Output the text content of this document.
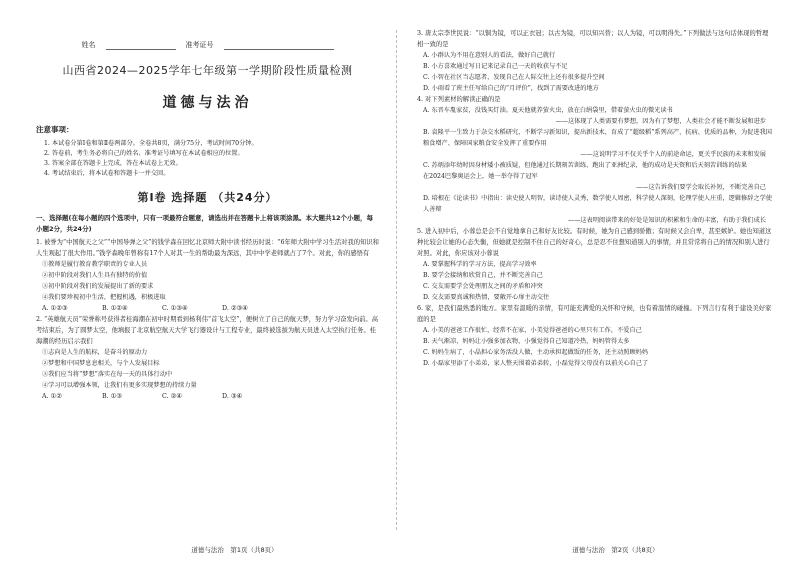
姓名	准考证号
山西省2024—2025学年七年级第一学期阶段性质量检测
道德与法治
注意事项：
1. 本试卷分第Ⅰ卷和第Ⅱ卷两部分。全卷共8页，满分75分，考试时间70分钟。
2. 答卷前，考生务必将自己的姓名、准考证号填写在本试卷相应的位置。
3. 答案全部在答题卡上完成，答在本试卷上无效。
4. 考试结束后，将本试卷和答题卡一并交回。
第Ⅰ卷 选择题 （共24分）
一、选择题(在每小题的四个选项中，只有一项最符合题意，请选出并在答题卡上将该项涂黑。本大题共12个小题，每小题2分，共24分)
1. 被誉为“中国航天之父”“中国导弹之父”的钱学森在回忆北京师大附中读书经历时说：“6年师大附中学习生活对我的知识和人生观起了很大作用。”钱学森晚年曾称有17个人对其一生的帮助最为深远，其中中学老师就占了7个。对此，你的感悟有
①教师是履行教育教学职责的专业人员
②初中阶段对我们人生具有独特的价值
③初中阶段对我们的发展提出了新的要求
④我们要珍视初中生活，把握机遇，积极进取
A. ①②③	B. ①②④	C. ①③④	D. ②③④
2. “英雄航天员”荣誉称号获得者桂海潮在初中时期看到杨利伟“首飞太空”，便树立了自己的航天梦，努力学习奋发向前。高考结束后，为了圆梦太空，他填报了北京航空航天大学飞行器设计与工程专业，最终被选拔为航天员进入太空执行任务。桂海潮的经历启示我们
①志向是人生的航标，是奋斗的原动力
②梦想和中国梦息息相关，与个人发展目标
③我们应当将“梦想”落实在每一天的具体行动中
④学习可以增强本领，让我们有更多实现梦想的持续力量
A. ①②	B. ①③	C. ②④	D. ③④
道德与法治　第1页（共8页）
3. 唐太宗李世民说：“以铜为镜，可以正衣冠；以古为镜，可以知兴替；以人为镜，可以明得失。”下列做法与这句话体现的哲理相一致的是
A. 小群认为不用在意别人的看法，做好自己就行
B. 小方喜欢通过写日记来记录自己一天的收获与不足
C. 小智在社区当志愿者，发现自己在人际交往上还有很多提升空间
D. 小雨看了班主任写给自己的“月评价”，找到了需要改进的地方
4. 对下列素材的解读正确的是
A. 东晋车胤家贫，没钱买灯油。夏天他就养萤火虫，放在白绢袋里，借着萤火虫的微光读书
——这体现了人类需要有梦想，因为有了梦想，人类社会才能不断发展和进步
B. 袁隆平一生致力于杂交水稻研究，不断学习新知识，提出新技术，育成了“超级稻”系列高产、抗病、优质的品种，为促进我国粮食增产、保障国家粮食安全发挥了重要作用
——这说明学习不仅关乎个人的前途命运，更关乎民族的未来和发展
C. 苏炳添年幼时因身材矮小被质疑，但他通过长期刻苦训练，跑出了亚洲纪录，他的成功是天资和后天刻苦训练的结果
在2024巴黎奥运会上，她一举夺得了冠军
——这告诉我们要学会取长补短，不断完善自己
D. 培根在《论读书》中指出：读史使人明智，读诗使人灵秀，数学使人周密，科学使人深刻，伦理学使人庄重，逻辑修辞之学使人善辩
——这表明阅读带来的好处是知识的积累和生命的丰富，有助于我们成长
5. 进入初中后，小蓉总是会不自觉地拿自己和好友比较。有时候，她为自己感到骄傲；有时候又会自卑，甚至嫉妒。她也知道这种比较会让她的心态失衡，但她就是控制不住自己的好奇心，总是忍不住想知道别人的事情，并且常常将自己的情况和别人进行对照。对此，你应该对小蓉说
A. 要掌握科学的学习方法，提高学习效率
B. 要学会接纳和欣赏自己，并不断完善自己
C. 交友需要学会处理朋友之间的矛盾和冲突
D. 交友需要真诚和热情，要敞开心扉主动交往
6. 家，是我们最熟悉的地方。家里有温暖的亲情，有可能充满爱的关怀和守候，也有着温情的碰撞。下列言行有利于建设美好家庭的是
A. 小美的爸爸工作很忙，经常不在家，小美觉得爸爸的心里只有工作，不爱自己
B. 天气渐凉，妈妈让小强多加衣物，小强觉得自己知道冷热，妈妈管得太多
C. 妈妈生病了，小晶担心家务活没人做，主动承担起做饭的任务，还主动照顾妈妈
D. 小磊家里添了小弟弟，家人整天围着弟弟转，小磊觉得父母没有以前关心自己了
道德与法治　第2页（共8页）
